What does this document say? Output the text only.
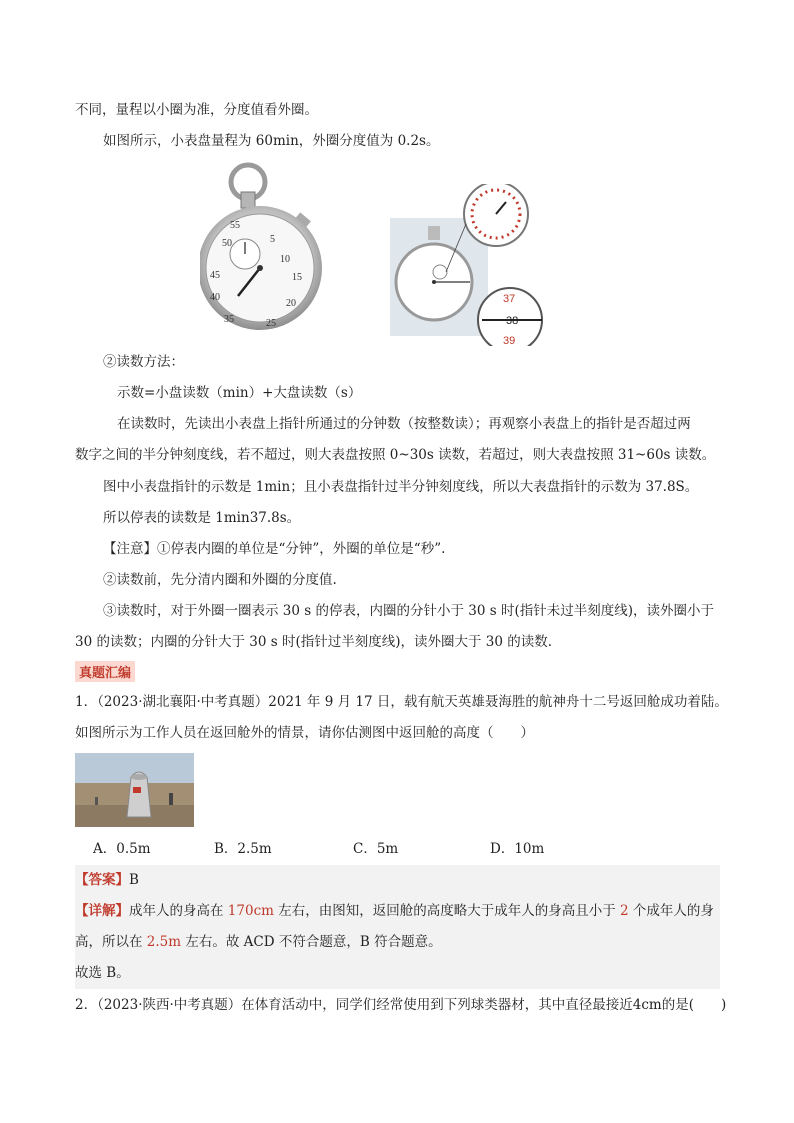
不同，量程以小圈为准，分度值看外圈。
如图所示，小表盘量程为 60min，外圈分度值为 0.2s。
50
55
5
10
45	15
40
20
35	25
37
38
39
②读数方法：
示数=小盘读数（min）+大盘读数（s）
在读数时，先读出小表盘上指针所通过的分钟数（按整数读）；再观察小表盘上的指针是否超过两
数字之间的半分钟刻度线，若不超过，则大表盘按照 0~30s 读数，若超过，则大表盘按照 31~60s 读数。
图中小表盘指针的示数是 1min；且小表盘指针过半分钟刻度线，所以大表盘指针的示数为 37.8S。
所以停表的读数是 1min37.8s。
【注意】①停表内圈的单位是“分钟”，外圈的单位是“秒”.
②读数前，先分清内圈和外圈的分度值.
③读数时，对于外圈一圈表示 30 s 的停表，内圈的分针小于 30 s 时(指针未过半刻度线)，读外圈小于
30 的读数；内圈的分针大于 30 s 时(指针过半刻度线)，读外圈大于 30 的读数.
真题汇编
1．（2023·湖北襄阳·中考真题）2021 年 9 月 17 日，载有航天英雄聂海胜的航神舟十二号返回舱成功着陆。
如图所示为工作人员在返回舱外的情景，请你估测图中返回舱的高度（　　）
A．0.5m	B．2.5m	C．5m	D．10m
【答案】B
【详解】成年人的身高在 170cm 左右，由图知，返回舱的高度略大于成年人的身高且小于 2 个成年人的身
高，所以在 2.5m 左右。故 ACD 不符合题意，B 符合题意。
故选 B。
2．（2023·陕西·中考真题）在体育活动中，同学们经常使用到下列球类器材，其中直径最接近4cm的是(　　)
